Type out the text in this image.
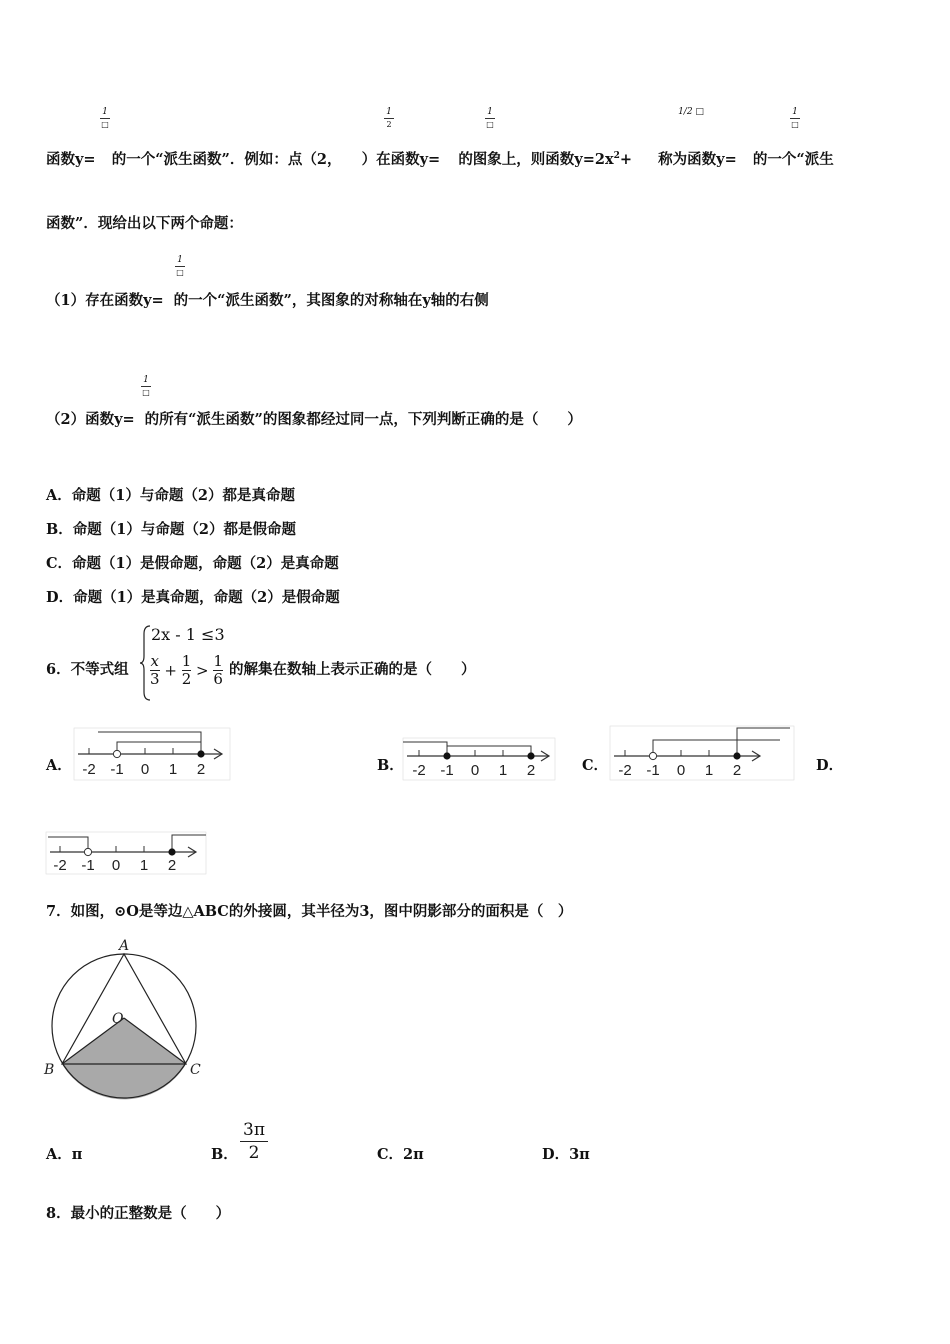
1
□
1
2
1
□
1/2 □	1
□
函数y= 的一个“派生函数”．例如：点（2， ）在函数y= 的图象上，则函数$y=2x^2+$ 称为函数y= 的一个“派生
函数”．现给出以下两个命题：
1
□
（1）存在函数y= 的一个“派生函数”，其图象的对称轴在y轴的右侧
1
□
（2）函数y= 的所有“派生函数”的图象都经过同一点，下列判断正确的是（　　）
A．命题（1）与命题（2）都是真命题
B．命题（1）与命题（2）都是假命题
C．命题（1）是假命题，命题（2）是真命题
D．命题（1）是真命题，命题（2）是假命题
6．不等式组
2x - 1 ≤3
$\frac{x}{3} + \frac{1}{2} > \frac{1}{6}$ 的解集在数轴上表示正确的是（　　）
A．	B．	C．	D．
-2 -1 0 1 2	-2 -1 0 1 2	-2 -1 0 1 2
-2 -1 0 1 2
7．如图，⊙O是等边△ABC的外接圆，其半径为3，图中阴影部分的面积是（　）
A
O
B	C
A．π	B．
3π
2	C．2π	D．3π
8．最小的正整数是（　　）
